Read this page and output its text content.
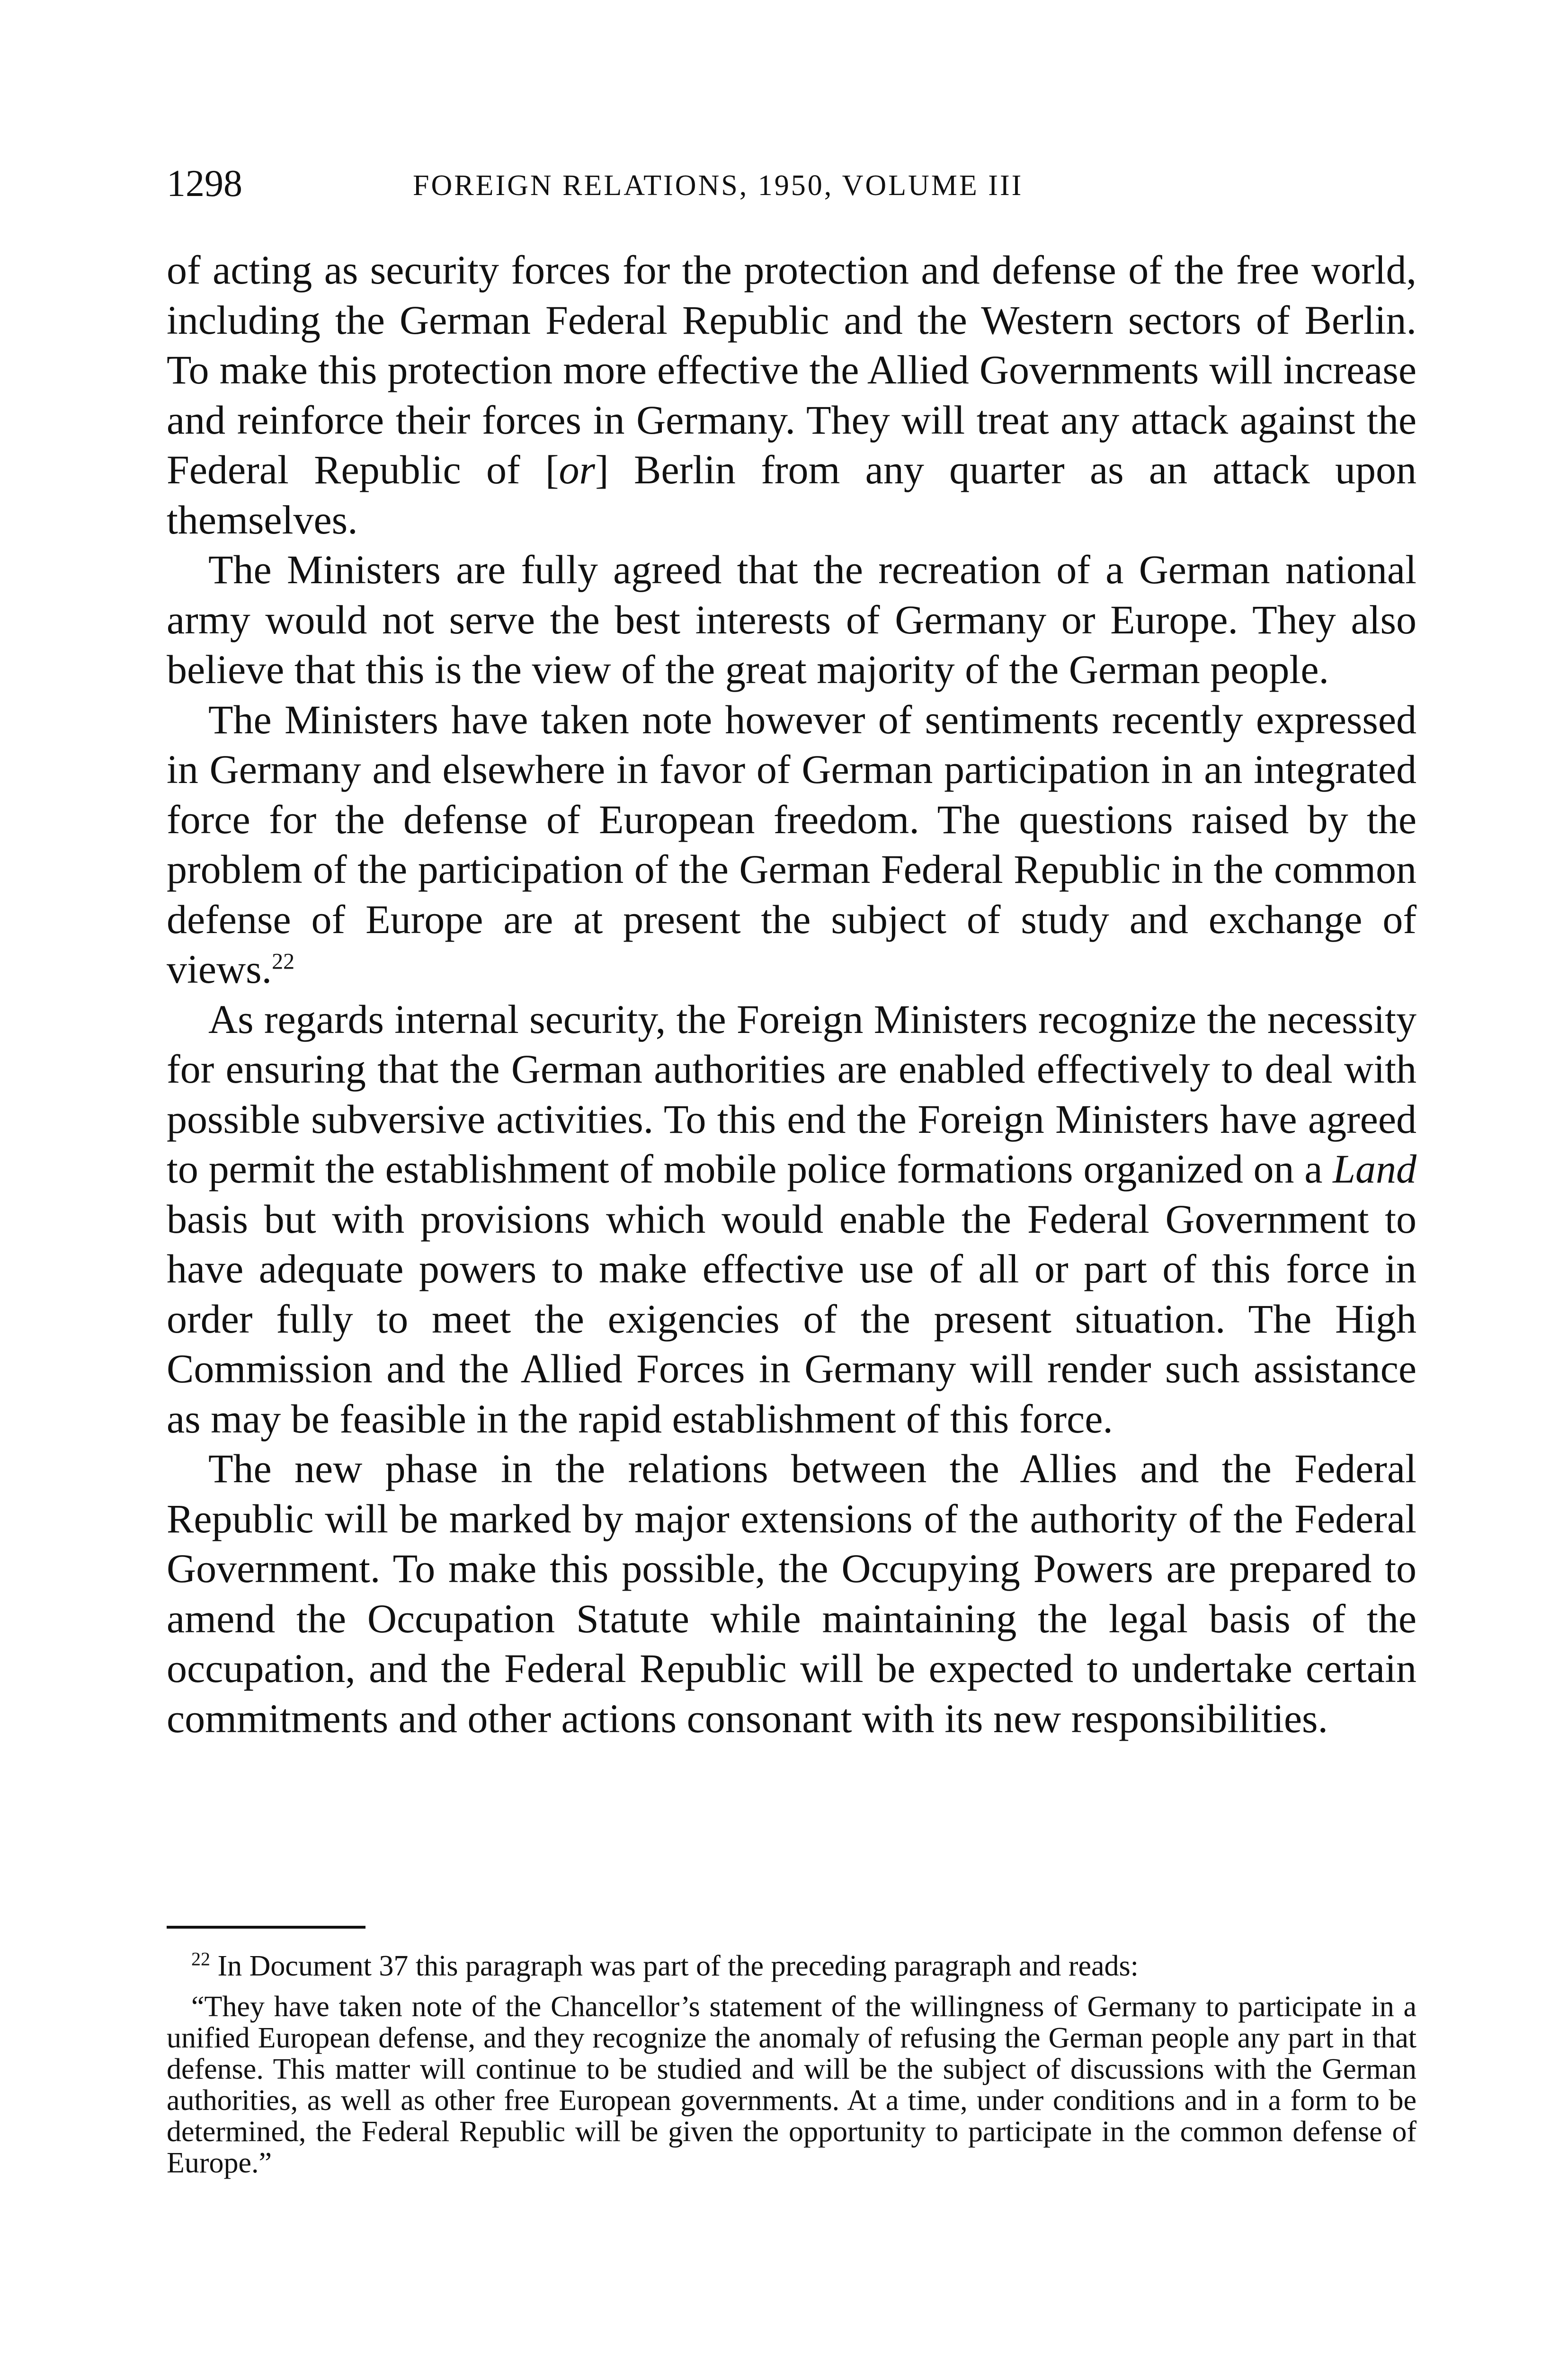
1298	FOREIGN RELATIONS, 1950, VOLUME III

of acting as security forces for the protection and defense of the free world, including the German Federal Republic and the Western sectors of Berlin. To make this protection more effective the Allied Governments will increase and reinforce their forces in Germany. They will treat any attack against the Federal Republic of [or] Berlin from any quarter as an attack upon themselves.

The Ministers are fully agreed that the recreation of a German national army would not serve the best interests of Germany or Europe. They also believe that this is the view of the great majority of the German people.

The Ministers have taken note however of sentiments recently expressed in Germany and elsewhere in favor of German participation in an integrated force for the defense of European freedom. The questions raised by the problem of the participation of the German Federal Republic in the common defense of Europe are at present the subject of study and exchange of views.$^{22}$

As regards internal security, the Foreign Ministers recognize the necessity for ensuring that the German authorities are enabled effectively to deal with possible subversive activities. To this end the Foreign Ministers have agreed to permit the establishment of mobile police formations organized on a Land basis but with provisions which would enable the Federal Government to have adequate powers to make effective use of all or part of this force in order fully to meet the exigencies of the present situation. The High Commission and the Allied Forces in Germany will render such assistance as may be feasible in the rapid establishment of this force.

The new phase in the relations between the Allies and the Federal Republic will be marked by major extensions of the authority of the Federal Government. To make this possible, the Occupying Powers are prepared to amend the Occupation Statute while maintaining the legal basis of the occupation, and the Federal Republic will be expected to undertake certain commitments and other actions consonant with its new responsibilities.

$^{22}$ In Document 37 this paragraph was part of the preceding paragraph and reads:

“They have taken note of the Chancellor’s statement of the willingness of Germany to participate in a unified European defense, and they recognize the anomaly of refusing the German people any part in that defense. This matter will continue to be studied and will be the subject of discussions with the German authorities, as well as other free European governments. At a time, under conditions and in a form to be determined, the Federal Republic will be given the opportunity to participate in the common defense of Europe.”
